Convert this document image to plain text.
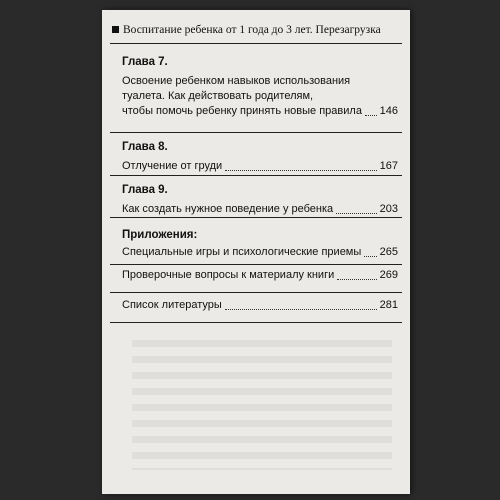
Воспитание ребенка от 1 года до 3 лет. Перезагрузка
Глава 7.
Освоение ребенком навыков использования
туалета. Как действовать родителям,
чтобы помочь ребенку принять новые правила 146
Глава 8.
Отлучение от груди	167
Глава 9.
Как создать нужное поведение у ребенка	203
Приложения:
Специальные игры и психологические приемы 265
Проверочные вопросы к материалу книги	269
Список литературы	281
